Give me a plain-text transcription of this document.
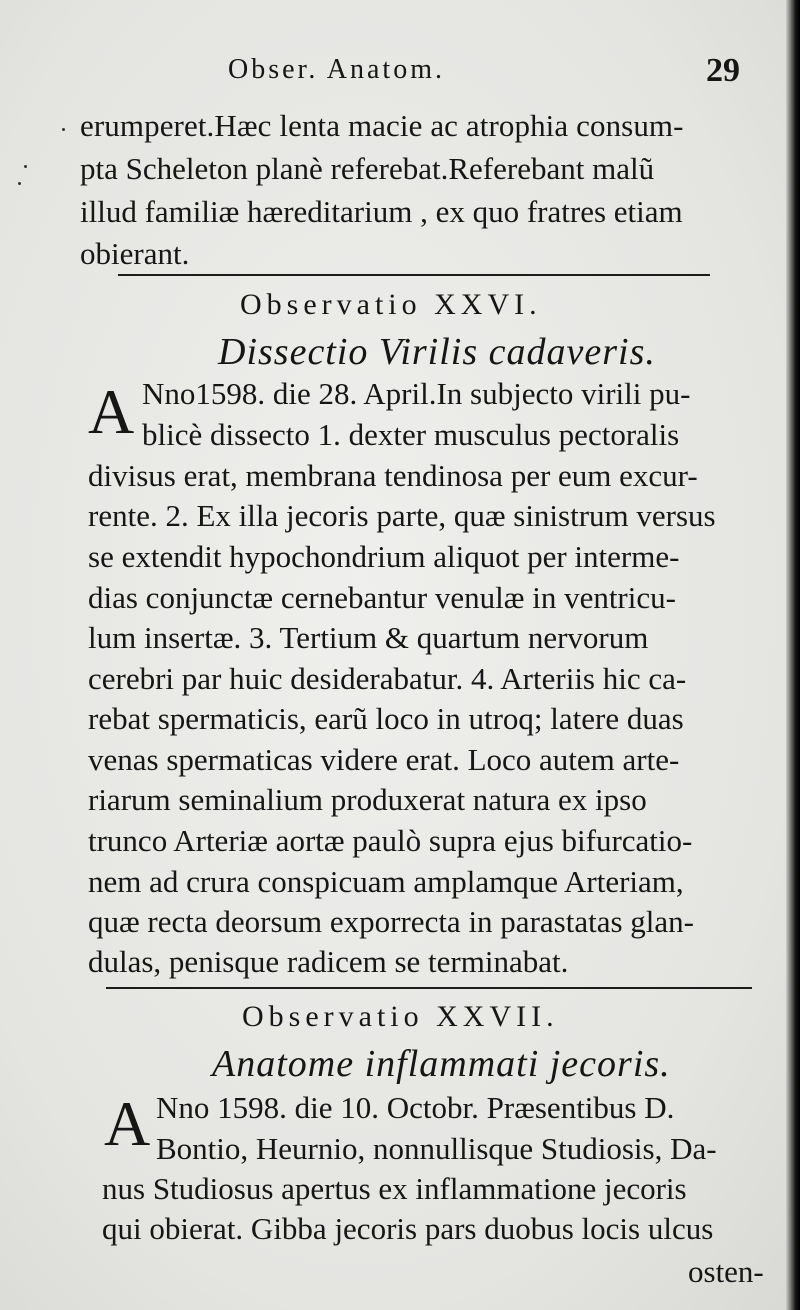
Obser. Anatom.	29
erumperet.Hæc lenta macie ac atrophia consum-
pta Scheleton planè referebat.Referebant malũ
illud familiæ hæreditarium , ex quo fratres etiam
obierant.
Observatio XXVI.
Dissectio Virilis cadaveris.
A Nno1598. die 28. April.In subjecto virili pu-
blicè dissecto 1. dexter musculus pectoralis
divisus erat, membrana tendinosa per eum excur-
rente. 2. Ex illa jecoris parte, quæ sinistrum versus
se extendit hypochondrium aliquot per interme-
dias conjunctæ cernebantur venulæ in ventricu-
lum insertæ. 3. Tertium & quartum nervorum
cerebri par huic desiderabatur. 4. Arteriis hic ca-
rebat spermaticis, earũ loco in utroq; latere duas
venas spermaticas videre erat. Loco autem arte-
riarum seminalium produxerat natura ex ipso
trunco Arteriæ aortæ paulò supra ejus bifurcatio-
nem ad crura conspicuam amplamque Arteriam,
quæ recta deorsum exporrecta in parastatas glan-
dulas, penisque radicem se terminabat.
Observatio XXVII.
Anatome inflammati jecoris.
A Nno 1598. die 10. Octobr. Præsentibus D.
Bontio, Heurnio, nonnullisque Studiosis, Da-
nus Studiosus apertus ex inflammatione jecoris
qui obierat. Gibba jecoris pars duobus locis ulcus
osten-
